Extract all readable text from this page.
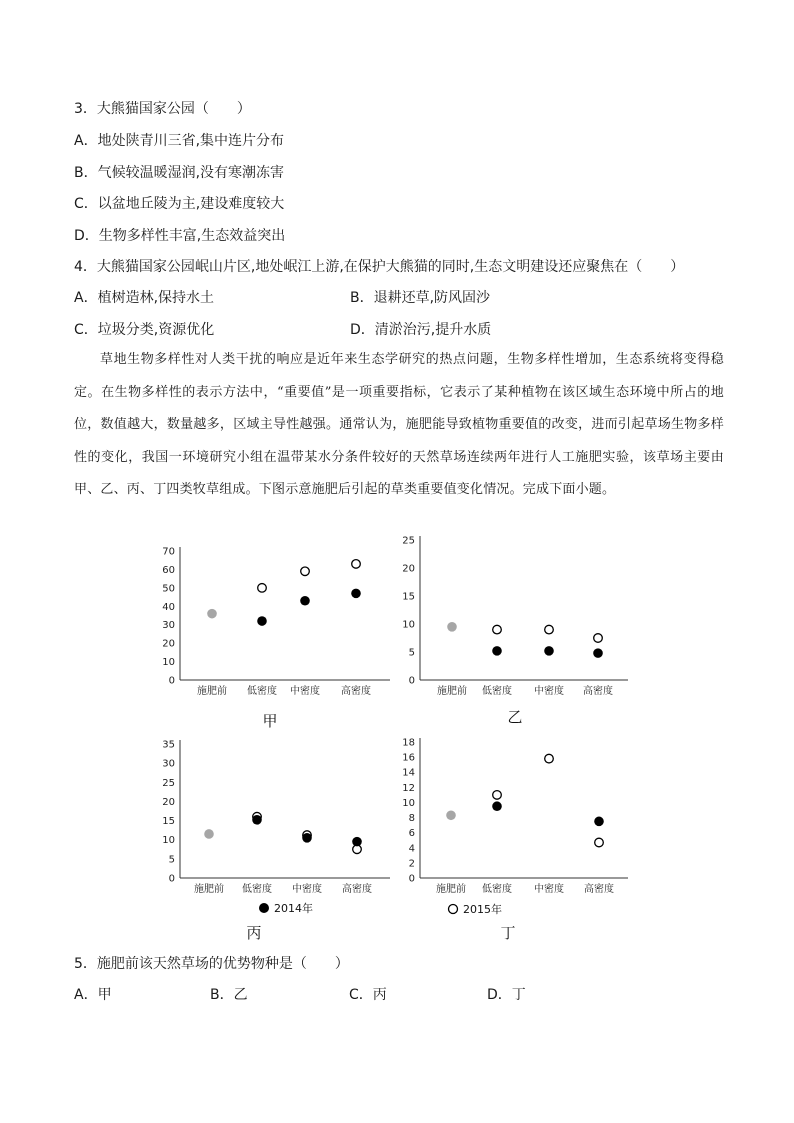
3．大熊猫国家公园（　　）
A．地处陕青川三省,集中连片分布
B．气候较温暖湿润,没有寒潮冻害
C．以盆地丘陵为主,建设难度较大
D．生物多样性丰富,生态效益突出
4．大熊猫国家公园岷山片区,地处岷江上游,在保护大熊猫的同时,生态文明建设还应聚焦在（　　）
A．植树造林,保持水土	B．退耕还草,防风固沙
C．垃圾分类,资源优化	D．清淤治污,提升水质
草地生物多样性对人类干扰的响应是近年来生态学研究的热点问题，生物多样性增加，生态系统将变得稳定。在生物多样性的表示方法中，“重要值”是一项重要指标，它表示了某种植物在该区域生态环境中所占的地位，数值越大，数量越多，区域主导性越强。通常认为，施肥能导致植物重要值的改变，进而引起草场生物多样性的变化，我国一环境研究小组在温带某水分条件较好的天然草场连续两年进行人工施肥实验，该草场主要由甲、乙、丙、丁四类牧草组成。下图示意施肥后引起的草类重要值变化情况。完成下面小题。
0
10
20
30
40
50
60
70
施肥前 低密度 中密度 高密度
甲
0
5
10
15
20
25
施肥前 低密度 中密度 高密度
乙
0
5
10
15
20
25
30
35
施肥前 低密度 中密度 高密度
丙
0
2
4
6
8
10
12
14
16
18
施肥前 低密度 中密度 高密度
丁
2014年	2015年
5．施肥前该天然草场的优势物种是（　　）
A．甲	B．乙	C．丙	D．丁
